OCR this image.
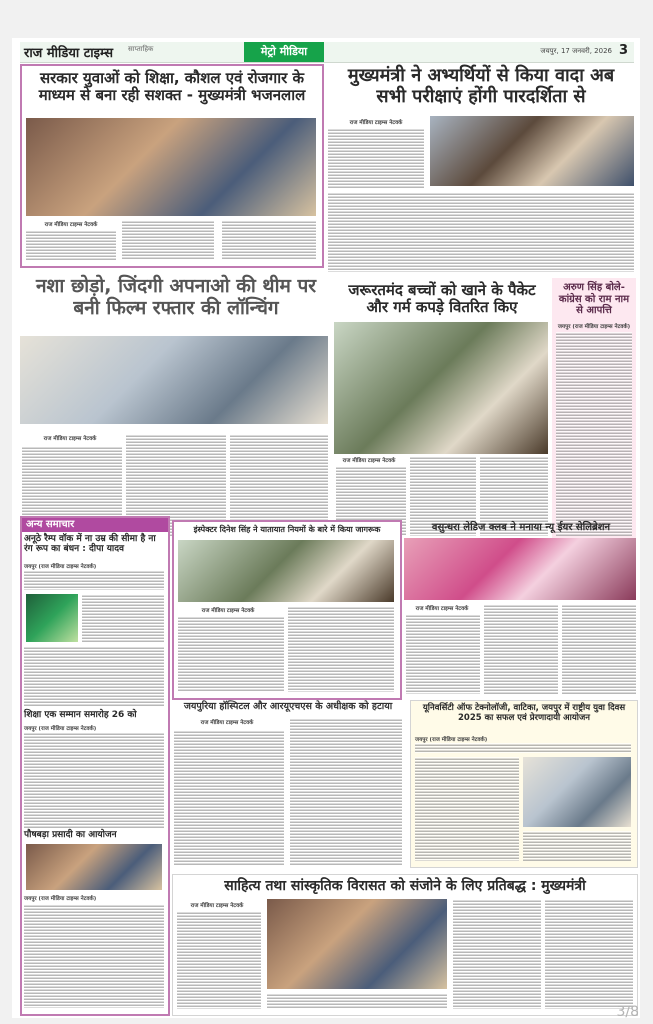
राज मीडिया टाइम्स साप्ताहिक	मेट्रो मीडिया	जयपुर, 17 जनवरी, 2026 3
सरकार युवाओं को शिक्षा, कौशल एवं रोजगार के माध्यम से बना रही सशक्त - मुख्यमंत्री भजनलाल
राज मीडिया टाइम्स नेटवर्क
मुख्यमंत्री ने अभ्यर्थियों से किया वादा अब सभी परीक्षाएं होंगी पारदर्शिता से
राज मीडिया टाइम्स नेटवर्क
नशा छोड़ो, जिंदगी अपनाओ की थीम पर बनी फिल्म रफ्तार की लॉन्चिंग
राज मीडिया टाइम्स नेटवर्क
जरूरतमंद बच्चों को खाने के पैकेट और गर्म कपड़े वितरित किए
राज मीडिया टाइम्स नेटवर्क
अरुण सिंह बोले- कांग्रेस को राम नाम से आपत्ति
जयपुर (राज मीडिया टाइम्स नेटवर्क)
अन्य समाचार
अनूठे रैम्प वॉक में ना उम्र की सीमा है ना रंग रूप का बंधन : दीपा यादव
जयपुर (राज मीडिया टाइम्स नेटवर्क)
शिक्षा एक सम्मान समारोह 26 को
जयपुर (राज मीडिया टाइम्स नेटवर्क)
पौषबड़ा प्रसादी का आयोजन
जयपुर (राज मीडिया टाइम्स नेटवर्क)
इंस्पेक्टर दिनेश सिंह ने यातायात नियमों के बारे में किया जागरूक
राज मीडिया टाइम्स नेटवर्क
वसुन्धरा लेडिज क्लब ने मनाया न्यू ईयर सेलिब्रेशन
राज मीडिया टाइम्स नेटवर्क
जयपुरिया हॉस्पिटल और आरयूएचएस के अधीक्षक को हटाया
राज मीडिया टाइम्स नेटवर्क
यूनिवर्सिटी ऑफ टेक्नोलॉजी, वाटिका, जयपुर में राष्ट्रीय युवा दिवस 2025 का सफल एवं प्रेरणादायी आयोजन
जयपुर (राज मीडिया टाइम्स नेटवर्क)
साहित्य तथा सांस्कृतिक विरासत को संजोने के लिए प्रतिबद्ध : मुख्यमंत्री
राज मीडिया टाइम्स नेटवर्क
3/8
